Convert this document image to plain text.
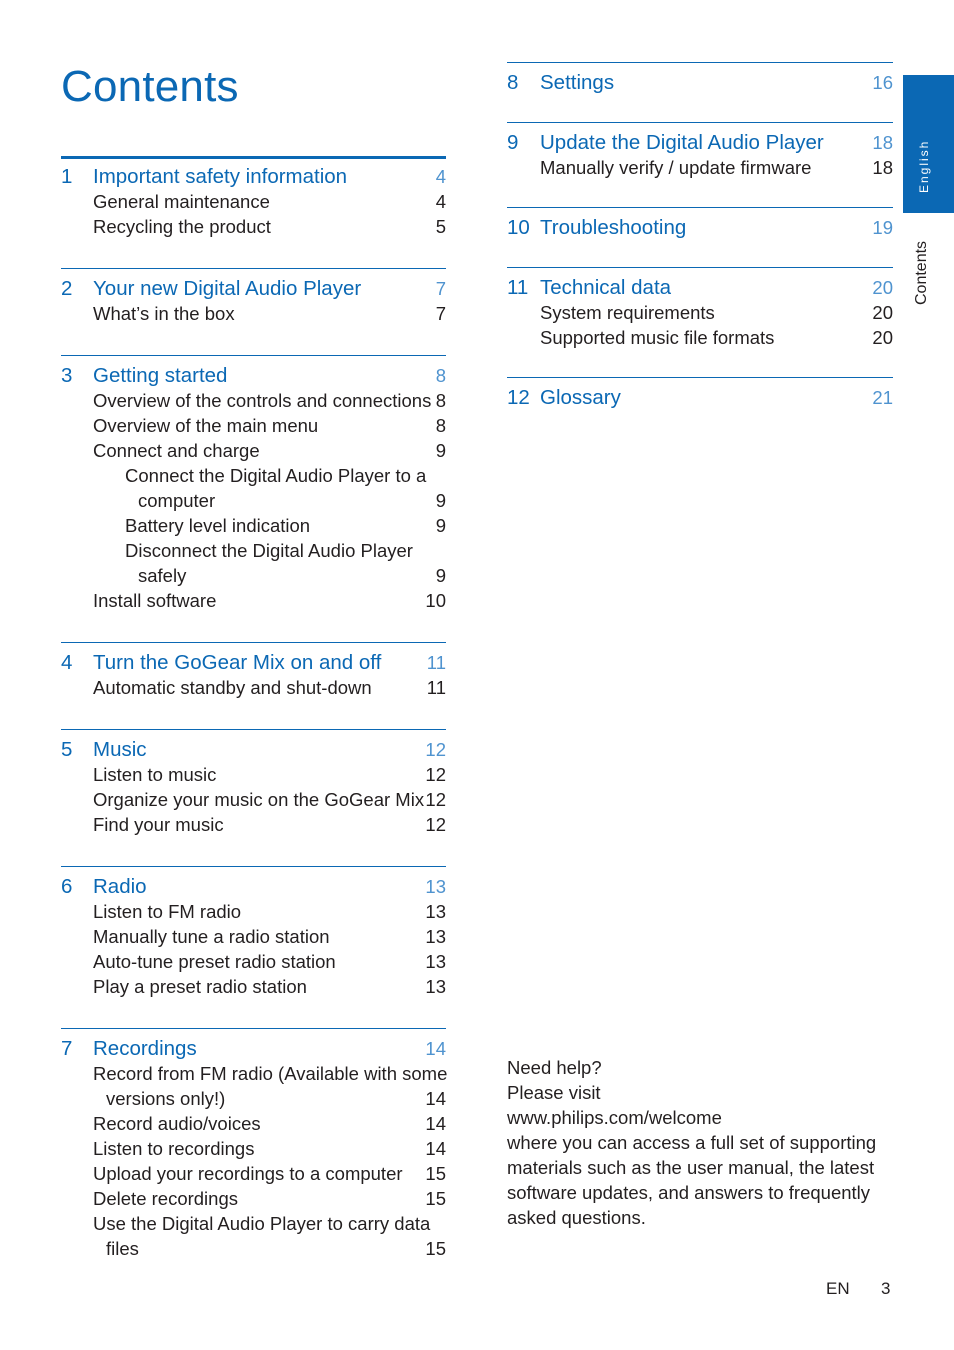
Contents
1 Important safety information	4
General maintenance	4
Recycling the product	5
2 Your new Digital Audio Player	7
What’s in the box	7
3 Getting started	8
Overview of the controls and connections 8
Overview of the main menu	8
Connect and charge	9
Connect the Digital Audio Player to a
computer	9
Battery level indication	9
Disconnect the Digital Audio Player
safely	9
Install software	10
4 Turn the GoGear Mix on and off 11
Automatic standby and shut-down	11
5 Music	12
Listen to music	12
Organize your music on the GoGear Mix 12
Find your music	12
6 Radio	13
Listen to FM radio	13
Manually tune a radio station	13
Auto-tune preset radio station	13
Play a preset radio station	13
7 Recordings	14
Record from FM radio (Available with some
versions only!)	14
Record audio/voices	14
Listen to recordings	14
Upload your recordings to a computer 15
Delete recordings	15
Use the Digital Audio Player to carry data
files	15
8 Settings	16
9 Update the Digital Audio Player	18
Manually verify / update firmware	18
10 Troubleshooting	19
11 Technical data	20
System requirements	20
Supported music file formats	20
12 Glossary	21
English
Contents
Need help?
Please visit
www.philips.com/welcome
where you can access a full set of supporting
materials such as the user manual, the latest
software updates, and answers to frequently
asked questions.
EN 3
